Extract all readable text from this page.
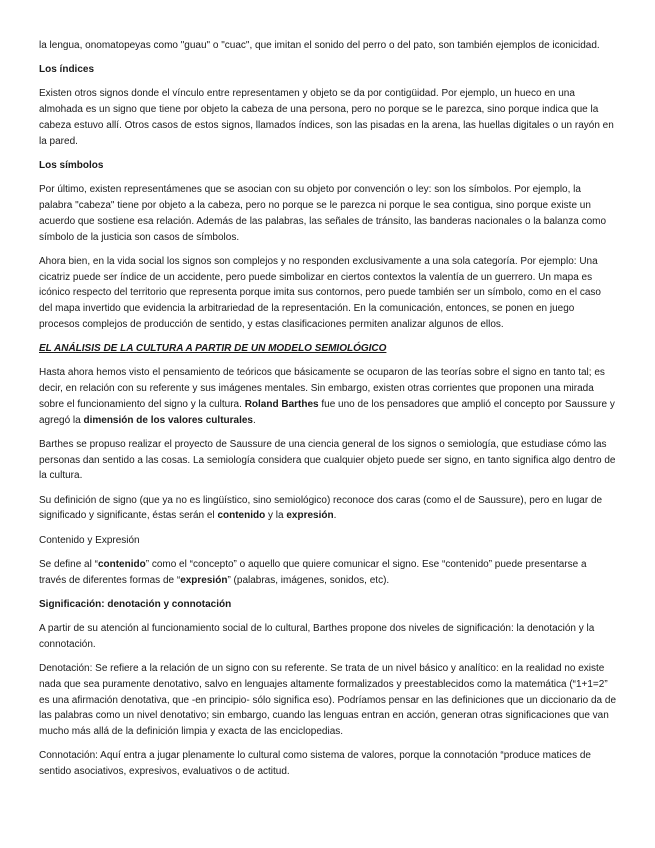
la lengua, onomatopeyas como "guau" o "cuac", que imitan el sonido del perro o del pato, son también ejemplos de iconicidad.

Los índices

Existen otros signos donde el vínculo entre representamen y objeto se da por contigüidad. Por ejemplo, un hueco en una almohada es un signo que tiene por objeto la cabeza de una persona, pero no porque se le parezca, sino porque indica que la cabeza estuvo allí. Otros casos de estos signos, llamados índices, son las pisadas en la arena, las huellas digitales o un rayón en la pared.

Los símbolos

Por último, existen representámenes que se asocian con su objeto por convención o ley: son los símbolos. Por ejemplo, la palabra "cabeza" tiene por objeto a la cabeza, pero no porque se le parezca ni porque le sea contigua, sino porque existe un acuerdo que sostiene esa relación. Además de las palabras, las señales de tránsito, las banderas nacionales o la balanza como símbolo de la justicia son casos de símbolos.

Ahora bien, en la vida social los signos son complejos y no responden exclusivamente a una sola categoría. Por ejemplo: Una cicatriz puede ser índice de un accidente, pero puede simbolizar en ciertos contextos la valentía de un guerrero. Un mapa es icónico respecto del territorio que representa porque imita sus contornos, pero puede también ser un símbolo, como en el caso del mapa invertido que evidencia la arbitrariedad de la representación. En la comunicación, entonces, se ponen en juego procesos complejos de producción de sentido, y estas clasificaciones permiten analizar algunos de ellos.

EL ANÁLISIS DE LA CULTURA A PARTIR DE UN MODELO SEMIOLÓGICO

Hasta ahora hemos visto el pensamiento de teóricos que básicamente se ocuparon de las teorías sobre el signo en tanto tal; es decir, en relación con su referente y sus imágenes mentales. Sin embargo, existen otras corrientes que proponen una mirada sobre el funcionamiento del signo y la cultura. Roland Barthes fue uno de los pensadores que amplió el concepto por Saussure y agregó la dimensión de los valores culturales.

Barthes se propuso realizar el proyecto de Saussure de una ciencia general de los signos o semiología, que estudiase cómo las personas dan sentido a las cosas. La semiología considera que cualquier objeto puede ser signo, en tanto significa algo dentro de la cultura.

Su definición de signo (que ya no es lingüístico, sino semiológico) reconoce dos caras (como el de Saussure), pero en lugar de significado y significante, éstas serán el contenido y la expresión.

Contenido y Expresión

Se define al “contenido” como el “concepto” o aquello que quiere comunicar el signo. Ese “contenido” puede presentarse a través de diferentes formas de “expresión” (palabras, imágenes, sonidos, etc).

Significación: denotación y connotación

A partir de su atención al funcionamiento social de lo cultural, Barthes propone dos niveles de significación: la denotación y la connotación.

Denotación: Se refiere a la relación de un signo con su referente. Se trata de un nivel básico y analítico: en la realidad no existe nada que sea puramente denotativo, salvo en lenguajes altamente formalizados y preestablecidos como la matemática (“1+1=2” es una afirmación denotativa, que -en principio- sólo significa eso). Podríamos pensar en las definiciones que un diccionario da de las palabras como un nivel denotativo; sin embargo, cuando las lenguas entran en acción, generan otras significaciones que van mucho más allá de la definición limpia y exacta de las enciclopedias.

Connotación: Aquí entra a jugar plenamente lo cultural como sistema de valores, porque la connotación “produce matices de sentido asociativos, expresivos, evaluativos o de actitud.
